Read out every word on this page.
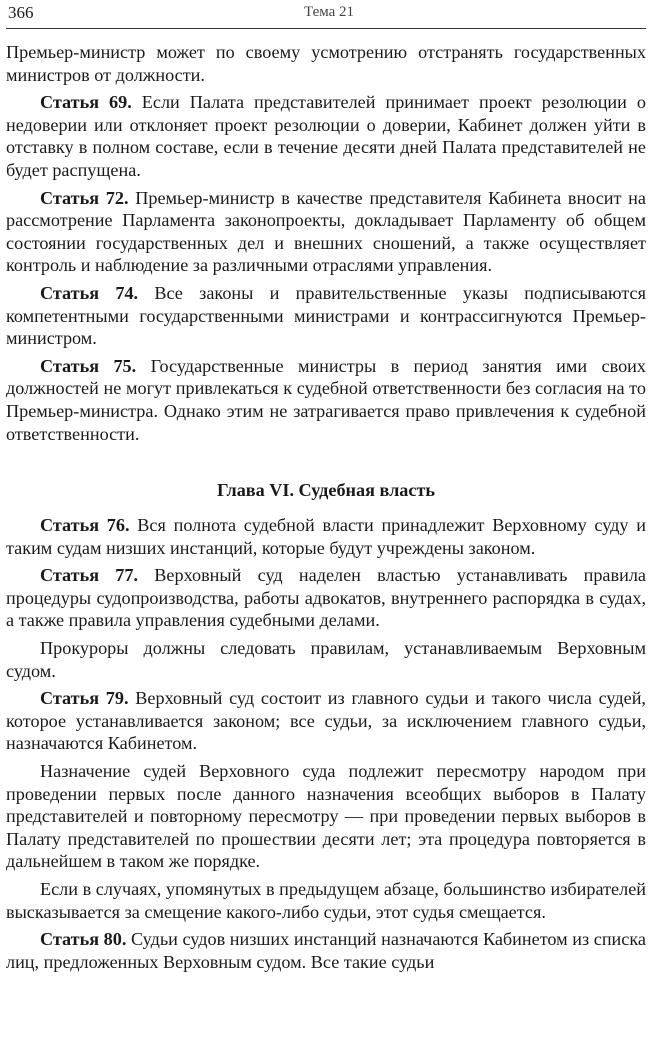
366	Тема 21

Премьер-министр может по своему усмотрению отстранять государственных министров от должности.

Статья 69. Если Палата представителей принимает проект резолюции о недоверии или отклоняет проект резолюции о доверии, Кабинет должен уйти в отставку в полном составе, если в течение десяти дней Палата представителей не будет распущена.

Статья 72. Премьер-министр в качестве представителя Кабинета вносит на рассмотрение Парламента законопроекты, докладывает Парламенту об общем состоянии государственных дел и внешних сношений, а также осуществляет контроль и наблюдение за различными отраслями управления.

Статья 74. Все законы и правительственные указы подписываются компетентными государственными министрами и контрассигнуются Премьер-министром.

Статья 75. Государственные министры в период занятия ими своих должностей не могут привлекаться к судебной ответственности без согласия на то Премьер-министра. Однако этим не затрагивается право привлечения к судебной ответственности.

Глава VI. Судебная власть

Статья 76. Вся полнота судебной власти принадлежит Верховному суду и таким судам низших инстанций, которые будут учреждены законом.

Статья 77. Верховный суд наделен властью устанавливать правила процедуры судопроизводства, работы адвокатов, внутреннего распорядка в судах, а также правила управления судебными делами.

Прокуроры должны следовать правилам, устанавливаемым Верховным судом.

Статья 79. Верховный суд состоит из главного судьи и такого числа судей, которое устанавливается законом; все судьи, за исключением главного судьи, назначаются Кабинетом.

Назначение судей Верховного суда подлежит пересмотру народом при проведении первых после данного назначения всеобщих выборов в Палату представителей и повторному пересмотру — при проведении первых выборов в Палату представителей по прошествии десяти лет; эта процедура повторяется в дальнейшем в таком же порядке.

Если в случаях, упомянутых в предыдущем абзаце, большинство избирателей высказывается за смещение какого-либо судьи, этот судья смещается.

Статья 80. Судьи судов низших инстанций назначаются Кабинетом из списка лиц, предложенных Верховным судом. Все такие судьи
